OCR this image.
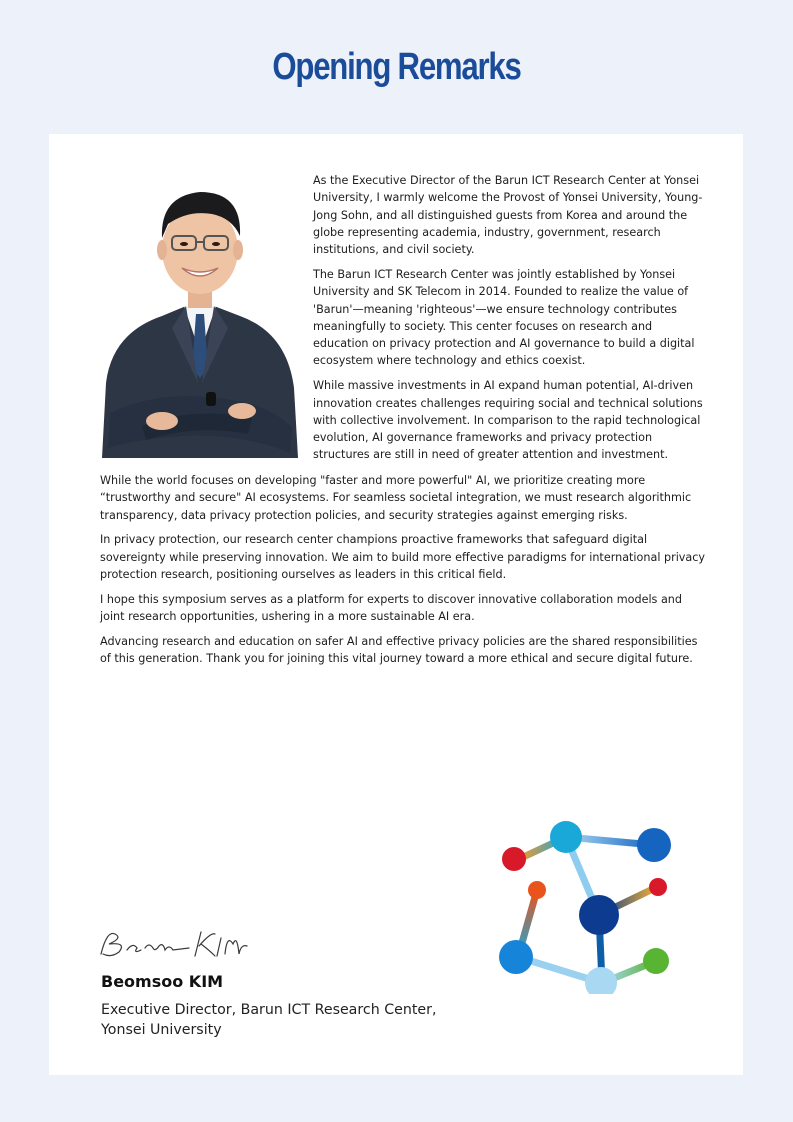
Opening Remarks

As the Executive Director of the Barun ICT Research Center at Yonsei University, I warmly welcome the Provost of Yonsei University, Young-Jong Sohn, and all distinguished guests from Korea and around the globe representing academia, industry, government, research institutions, and civil society.

The Barun ICT Research Center was jointly established by Yonsei University and SK Telecom in 2014. Founded to realize the value of 'Barun'—meaning 'righteous'—we ensure technology contributes meaningfully to society. This center focuses on research and education on privacy protection and AI governance to build a digital ecosystem where technology and ethics coexist.

While massive investments in AI expand human potential, AI-driven innovation creates challenges requiring social and technical solutions with collective involvement. In comparison to the rapid technological evolution, AI governance frameworks and privacy protection structures are still in need of greater attention and investment.

While the world focuses on developing "faster and more powerful" AI, we prioritize creating more “trustworthy and secure" AI ecosystems. For seamless societal integration, we must research algorithmic transparency, data privacy protection policies, and security strategies against emerging risks.

In privacy protection, our research center champions proactive frameworks that safeguard digital sovereignty while preserving innovation. We aim to build more effective paradigms for international privacy protection research, positioning ourselves as leaders in this critical field.

I hope this symposium serves as a platform for experts to discover innovative collaboration models and joint research opportunities, ushering in a more sustainable AI era.

Advancing research and education on safer AI and effective privacy policies are the shared responsibilities of this generation. Thank you for joining this vital journey toward a more ethical and secure digital future.

Beomsoo KIM
Executive Director, Barun ICT Research Center,
Yonsei University
